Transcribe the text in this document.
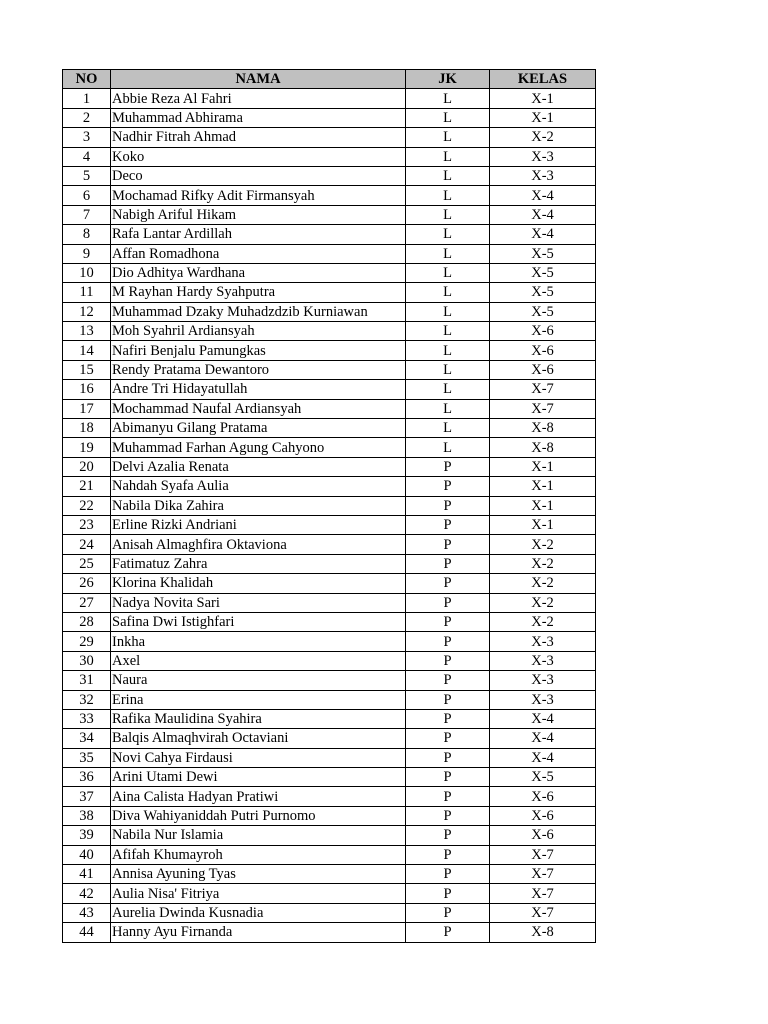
NO	NAMA	JK	KELAS
1	Abbie Reza Al Fahri	L	X-1
2	Muhammad Abhirama	L	X-1
3	Nadhir Fitrah Ahmad	L	X-2
4	Koko	L	X-3
5	Deco	L	X-3
6	Mochamad Rifky Adit Firmansyah	L	X-4
7	Nabigh Ariful Hikam	L	X-4
8	Rafa Lantar Ardillah	L	X-4
9	Affan Romadhona	L	X-5
10	Dio Adhitya Wardhana	L	X-5
11	M Rayhan Hardy Syahputra	L	X-5
12	Muhammad Dzaky Muhadzdzib Kurniawan	L	X-5
13	Moh Syahril Ardiansyah	L	X-6
14	Nafiri Benjalu Pamungkas	L	X-6
15	Rendy Pratama Dewantoro	L	X-6
16	Andre Tri Hidayatullah	L	X-7
17	Mochammad Naufal Ardiansyah	L	X-7
18	Abimanyu Gilang Pratama	L	X-8
19	Muhammad Farhan Agung Cahyono	L	X-8
20	Delvi Azalia Renata	P	X-1
21	Nahdah Syafa Aulia	P	X-1
22	Nabila Dika Zahira	P	X-1
23	Erline Rizki Andriani	P	X-1
24	Anisah Almaghfira Oktaviona	P	X-2
25	Fatimatuz Zahra	P	X-2
26	Klorina Khalidah	P	X-2
27	Nadya Novita Sari	P	X-2
28	Safina Dwi Istighfari	P	X-2
29	Inkha	P	X-3
30	Axel	P	X-3
31	Naura	P	X-3
32	Erina	P	X-3
33	Rafika Maulidina Syahira	P	X-4
34	Balqis Almaqhvirah Octaviani	P	X-4
35	Novi Cahya Firdausi	P	X-4
36	Arini Utami Dewi	P	X-5
37	Aina Calista Hadyan Pratiwi	P	X-6
38	Diva Wahiyaniddah Putri Purnomo	P	X-6
39	Nabila Nur Islamia	P	X-6
40	Afifah Khumayroh	P	X-7
41	Annisa Ayuning Tyas	P	X-7
42	Aulia Nisa' Fitriya	P	X-7
43	Aurelia Dwinda Kusnadia	P	X-7
44	Hanny Ayu Firnanda	P	X-8
